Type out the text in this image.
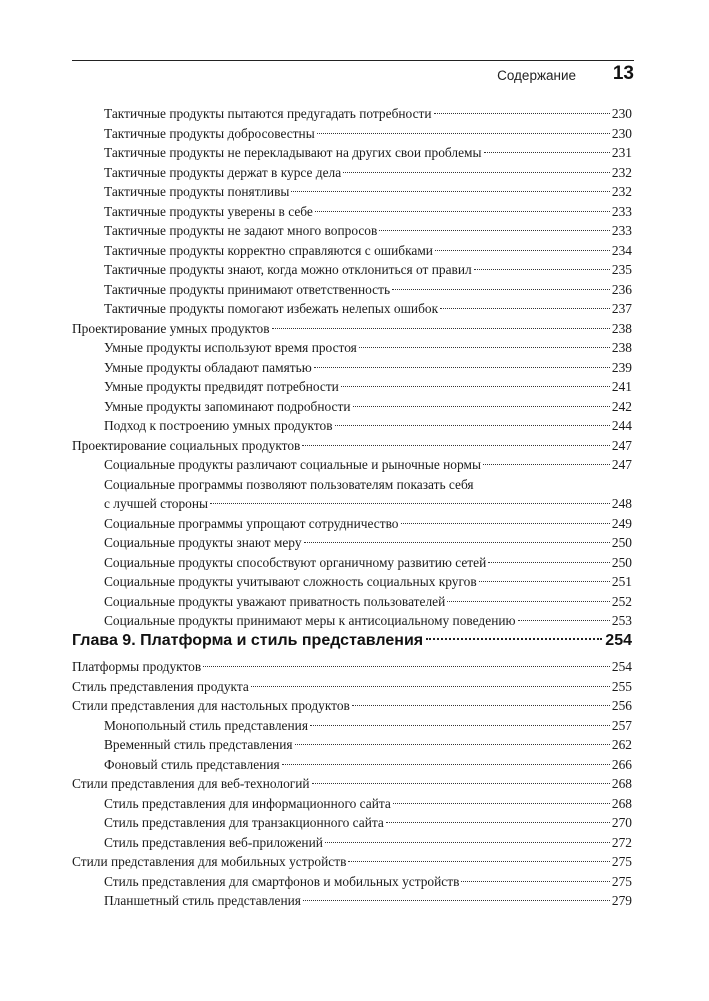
Содержание 13
Тактичные продукты пытаются предугадать потребности	230
Тактичные продукты добросовестны	230
Тактичные продукты не перекладывают на других свои проблемы	231
Тактичные продукты держат в курсе дела	232
Тактичные продукты понятливы	232
Тактичные продукты уверены в себе	233
Тактичные продукты не задают много вопросов	233
Тактичные продукты корректно справляются с ошибками	234
Тактичные продукты знают, когда можно отклониться от правил	235
Тактичные продукты принимают ответственность	236
Тактичные продукты помогают избежать нелепых ошибок	237
Проектирование умных продуктов	238
Умные продукты используют время простоя	238
Умные продукты обладают памятью	239
Умные продукты предвидят потребности	241
Умные продукты запоминают подробности	242
Подход к построению умных продуктов	244
Проектирование социальных продуктов	247
Социальные продукты различают социальные и рыночные нормы	247
Социальные программы позволяют пользователям показать себя
с лучшей стороны	248
Социальные программы упрощают сотрудничество	249
Социальные продукты знают меру	250
Социальные продукты способствуют органичному развитию сетей	250
Социальные продукты учитывают сложность социальных кругов	251
Социальные продукты уважают приватность пользователей	252
Социальные продукты принимают меры к антисоциальному поведению	253
Глава 9. Платформа и стиль представления	254
Платформы продуктов	254
Стиль представления продукта	255
Стили представления для настольных продуктов	256
Монопольный стиль представления	257
Временный стиль представления	262
Фоновый стиль представления	266
Стили представления для веб-технологий	268
Стиль представления для информационного сайта	268
Стиль представления для транзакционного сайта	270
Стиль представления веб-приложений	272
Стили представления для мобильных устройств	275
Стиль представления для смартфонов и мобильных устройств	275
Планшетный стиль представления	279
